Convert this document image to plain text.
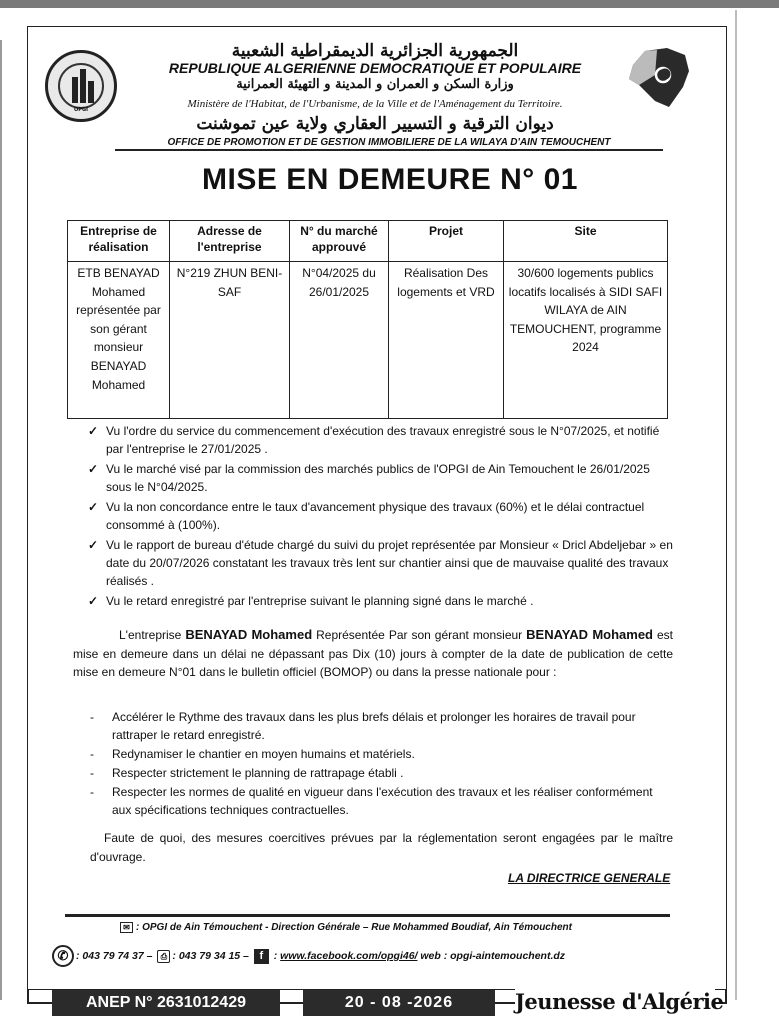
OPGI
الجمهورية الجزائرية الديمقراطية الشعبية
REPUBLIQUE ALGERIENNE DEMOCRATIQUE ET POPULAIRE
وزارة السكن و العمران و المدينة و التهيئة العمرانية
Ministère de l'Habitat, de l'Urbanisme, de la Ville et de l'Aménagement du Territoire.
ديوان الترقية و التسيير العقاري ولاية عين تموشنت
OFFICE DE PROMOTION ET DE GESTION IMMOBILIERE DE LA WILAYA D'AIN TEMOUCHENT
MISE EN DEMEURE N° 01
Entreprise de réalisation	Adresse de l'entreprise	N° du marché approuvé	Projet	Site
ETB BENAYAD Mohamed représentée par son gérant monsieur BENAYAD Mohamed	N°219 ZHUN BENI-SAF	N°04/2025 du 26/01/2025	Réalisation Des logements et VRD	30/600 logements publics locatifs localisés à SIDI SAFI WILAYA de AIN TEMOUCHENT, programme 2024
✓ Vu l'ordre du service du commencement d'exécution des travaux enregistré sous le N°07/2025, et notifié par l'entreprise le 27/01/2025 .
✓ Vu le marché visé par la commission des marchés publics de l'OPGI de Ain Temouchent le 26/01/2025 sous le N°04/2025.
✓ Vu la non concordance entre le taux d'avancement physique des travaux (60%) et le délai contractuel consommé à (100%).
✓ Vu le rapport de bureau d'étude chargé du suivi du projet représentée par Monsieur « Dricl Abdeljebar » en date du 20/07/2026 constatant les travaux très lent sur chantier ainsi que de mauvaise qualité des travaux réalisés .
✓ Vu le retard enregistré par l'entreprise suivant le planning signé dans le marché .

L'entreprise BENAYAD Mohamed Représentée Par son gérant monsieur BENAYAD Mohamed est mise en demeure dans un délai ne dépassant pas Dix (10) jours à compter de la date de publication de cette mise en demeure N°01 dans le bulletin officiel (BOMOP) ou dans la presse nationale pour :

- Accélérer le Rythme des travaux dans les plus brefs délais et prolonger les horaires de travail pour rattraper le retard enregistré.
- Redynamiser le chantier en moyen humains et matériels.
- Respecter strictement le planning de rattrapage établi .
- Respecter les normes de qualité en vigueur dans l'exécution des travaux et les réaliser conformément aux spécifications techniques contractuelles.

Faute de quoi, des mesures coercitives prévues par la réglementation seront engagées par le maître d'ouvrage.

LA DIRECTRICE GENERALE
✉ : OPGI de Ain Témouchent - Direction Générale – Rue Mohammed Boudiaf, Ain Témouchent
✆ : 043 79 74 37 – ⎙ : 043 79 34 15 – f : www.facebook.com/opgi46/ web : opgi-aintemouchent.dz
ANEP N° 2631012429	20 - 08 -2026	Jeunesse d'Algérie
